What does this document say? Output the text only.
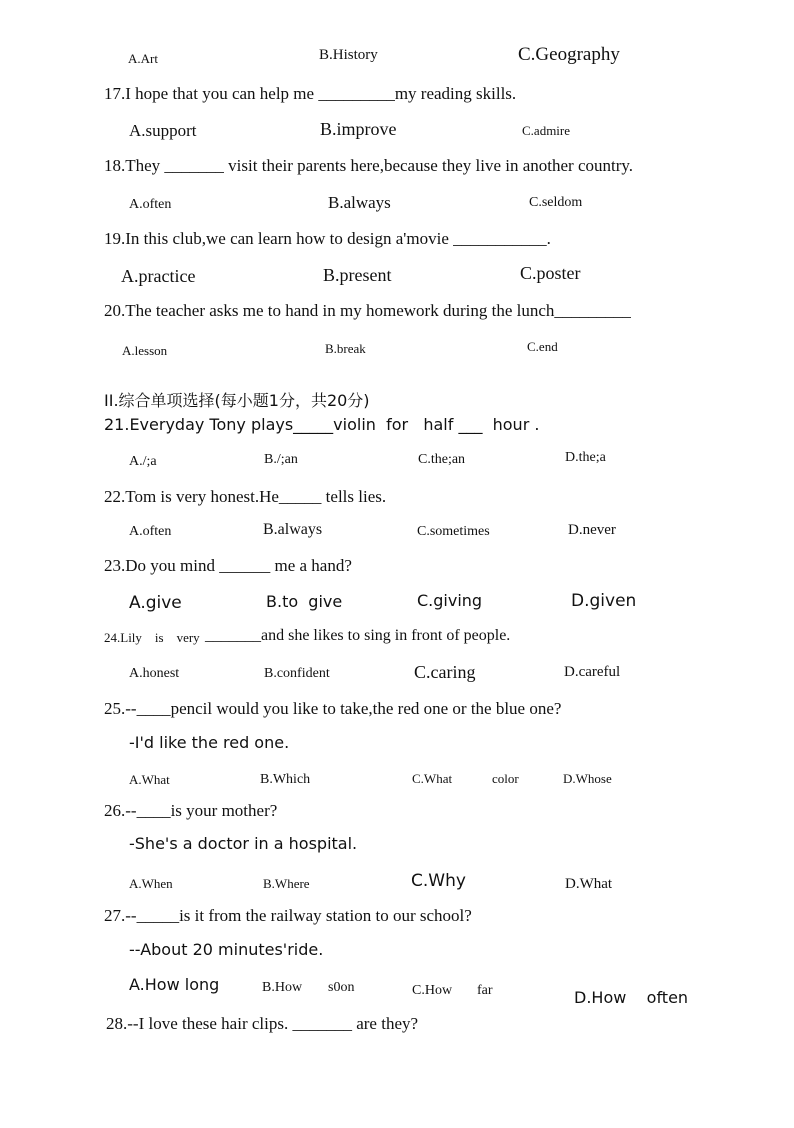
A.Art	B.History	C.Geography
17.I hope that you can help me _________my reading skills.
A.support	B.improve	C.admire
18.They _______ visit their parents here,because they live in another country.
A.often	B.always	C.seldom
19.In this club,we can learn how to design a'movie ___________.
A.practice	B.present	C.poster
20.The teacher asks me to hand in my homework during the lunch_________
A.lesson	B.break	C.end
II.综合单项选择(每小题1分，共20分)
21.Everyday Tony plays_____violin  for   half ___  hour .
A./;a	B./;an	C.the;an	D.the;a
22.Tom is very honest.He_____ tells lies.
A.often	B.always	C.sometimes	D.never
23.Do you mind ______ me a hand?
A.give	B.to  give	C.giving	D.given
24.Lily    is    very _______and she likes to sing in front of people.
A.honest	B.confident	C.caring	D.careful
25.--____pencil would you like to take,the red one or the blue one?
-I'd like the red one.
A.What	B.Which	C.What	color	D.Whose
26.--____is your mother?
-She's a doctor in a hospital.
A.When	B.Where	C.Why	D.What
27.--_____is it from the railway station to our school?
--About 20 minutes'ride.
A.How long	B.How s0on	C.How far	D.How    often
28.--I love these hair clips. _______ are they?
